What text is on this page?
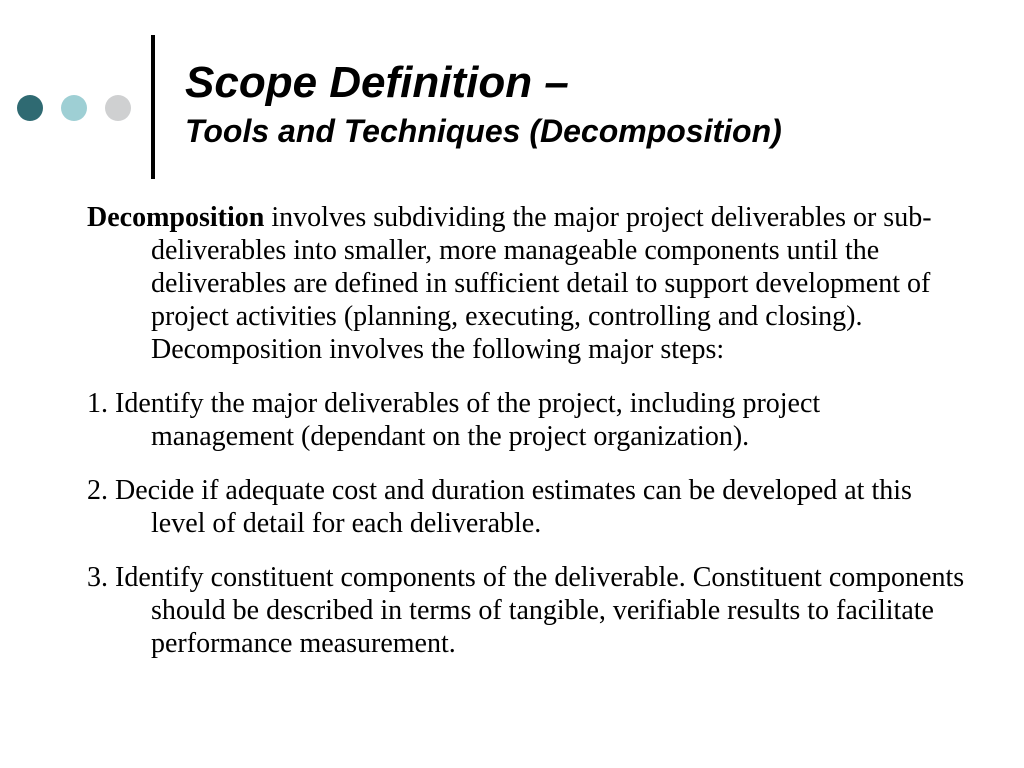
Scope Definition –
Tools and Techniques (Decomposition)

Decomposition involves subdividing the major project deliverables or sub-deliverables into smaller, more manageable components until the deliverables are defined in sufficient detail to support development of project activities (planning, executing, controlling and closing). Decomposition involves the following major steps:

1. Identify the major deliverables of the project, including project management (dependant on the project organization).

2. Decide if adequate cost and duration estimates can be developed at this level of detail for each deliverable.

3. Identify constituent components of the deliverable. Constituent components should be described in terms of tangible, verifiable results to facilitate performance measurement.
